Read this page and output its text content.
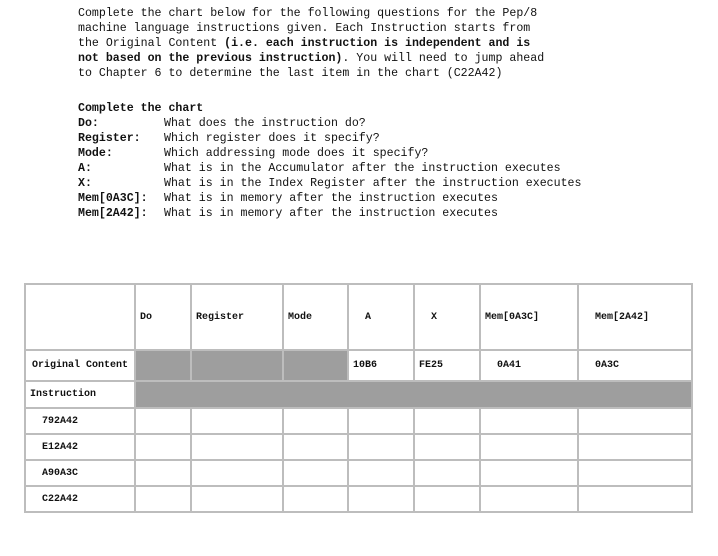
Complete the chart below for the following questions for the Pep/8
machine language instructions given. Each Instruction starts from
the Original Content (i.e. each instruction is independent and is
not based on the previous instruction). You will need to jump ahead
to Chapter 6 to determine the last item in the chart (C22A42)
Complete the chart
Do:	What does the instruction do?
Register:	Which register does it specify?
Mode:	Which addressing mode does it specify?
A:	What is in the Accumulator after the instruction executes
X:	What is in the Index Register after the instruction executes
Mem[0A3C]:	What is in memory after the instruction executes
Mem[2A42]:	What is in memory after the instruction executes
	Do	Register	Mode	A	X	Mem[0A3C]	Mem[2A42]
Original Content				10B6	FE25	0A41	0A3C
Instruction							
792A42							
E12A42							
A90A3C							
C22A42							
